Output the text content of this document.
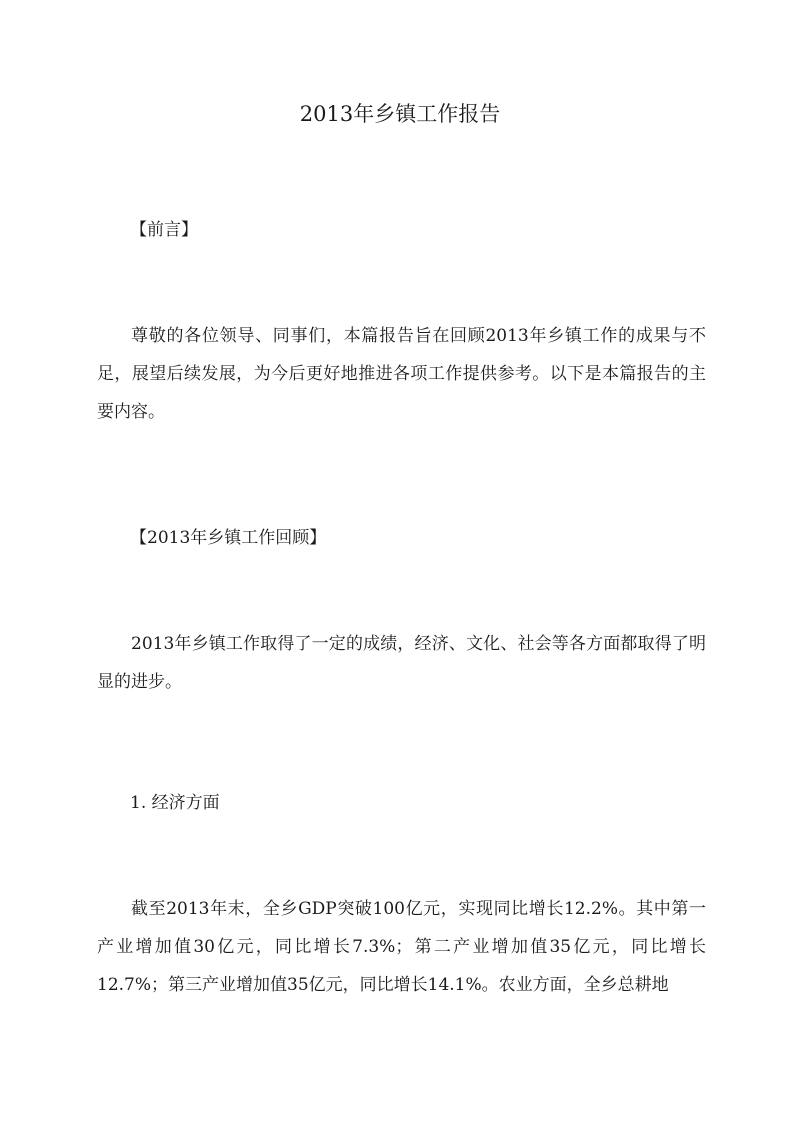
2013年乡镇工作报告

【前言】

尊敬的各位领导、同事们，本篇报告旨在回顾2013年乡镇工作的成果与不足，展望后续发展，为今后更好地推进各项工作提供参考。以下是本篇报告的主要内容。

【2013年乡镇工作回顾】

2013年乡镇工作取得了一定的成绩，经济、文化、社会等各方面都取得了明显的进步。

1. 经济方面

截至2013年末，全乡GDP突破100亿元，实现同比增长12.2%。其中第一产业增加值30亿元，同比增长7.3%；第二产业增加值35亿元，同比增长12.7%；第三产业增加值35亿元，同比增长14.1%。农业方面，全乡总耕地
